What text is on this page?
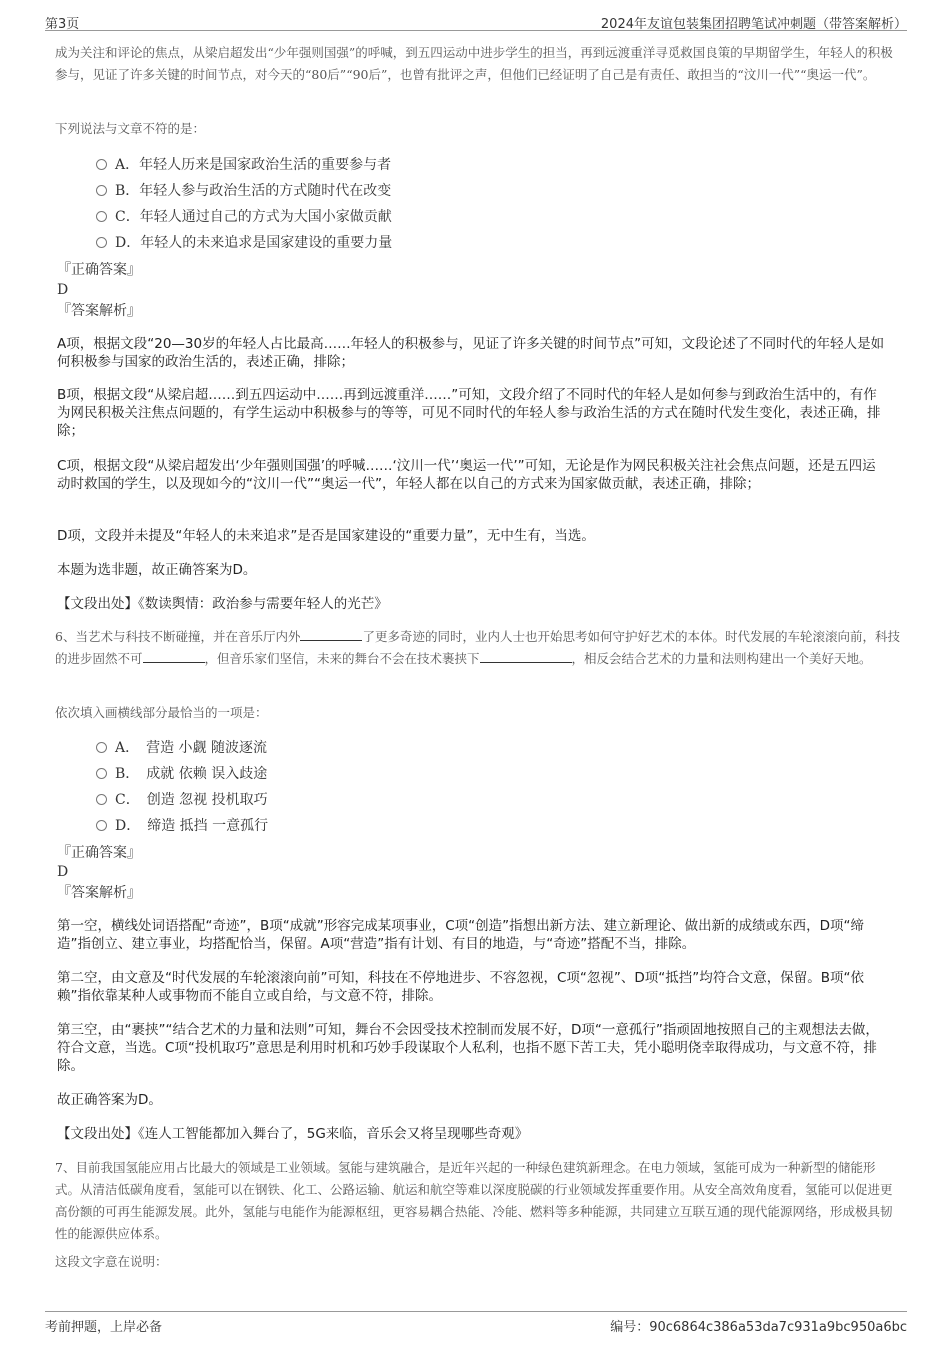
第3页	2024年友谊包装集团招聘笔试冲刺题（带答案解析）
成为关注和评论的焦点，从梁启超发出“少年强则国强”的呼喊，到五四运动中进步学生的担当，再到远渡重洋寻觅救国良策的早期留学生，年轻人的积极参与，见证了许多关键的时间节点，对今天的“80后”“90后”，也曾有批评之声，但他们已经证明了自己是有责任、敢担当的“汶川一代”“奥运一代”。
下列说法与文章不符的是：
A．年轻人历来是国家政治生活的重要参与者
B．年轻人参与政治生活的方式随时代在改变
C．年轻人通过自己的方式为大国小家做贡献
D．年轻人的未来追求是国家建设的重要力量
『正确答案』
D
『答案解析』
A项，根据文段“20—30岁的年轻人占比最高……年轻人的积极参与，见证了许多关键的时间节点”可知，文段论述了不同时代的年轻人是如何积极参与国家的政治生活的，表述正确，排除；
B项，根据文段“从梁启超……到五四运动中……再到远渡重洋……”可知，文段介绍了不同时代的年轻人是如何参与到政治生活中的，有作为网民积极关注焦点问题的，有学生运动中积极参与的等等，可见不同时代的年轻人参与政治生活的方式在随时代发生变化，表述正确，排除；
C项，根据文段“从梁启超发出‘少年强则国强’的呼喊……‘汶川一代’‘奥运一代’”可知，无论是作为网民积极关注社会焦点问题，还是五四运动时救国的学生，以及现如今的“汶川一代”“奥运一代”，年轻人都在以自己的方式来为国家做贡献，表述正确，排除；
D项，文段并未提及“年轻人的未来追求”是否是国家建设的“重要力量”，无中生有，当选。
本题为选非题，故正确答案为D。
【文段出处】《数读舆情：政治参与需要年轻人的光芒》
6、当艺术与科技不断碰撞，并在音乐厅内外	了更多奇迹的同时，业内人士也开始思考如何守护好艺术的本体。时代发展的车轮滚滚向前，科技的进步固然不可	，但音乐家们坚信，未来的舞台不会在技术裹挟下	，相反会结合艺术的力量和法则构建出一个美好天地。
依次填入画横线部分最恰当的一项是：
A．　营造 小觑 随波逐流
B．　成就 依赖 误入歧途
C．　创造 忽视 投机取巧
D．　缔造 抵挡 一意孤行
『正确答案』
D
『答案解析』
第一空，横线处词语搭配“奇迹”，B项“成就”形容完成某项事业，C项“创造”指想出新方法、建立新理论、做出新的成绩或东西，D项“缔造”指创立、建立事业，均搭配恰当，保留。A项“营造”指有计划、有目的地造，与“奇迹”搭配不当，排除。
第二空，由文意及“时代发展的车轮滚滚向前”可知，科技在不停地进步、不容忽视，C项“忽视”、D项“抵挡”均符合文意，保留。B项“依赖”指依靠某种人或事物而不能自立或自给，与文意不符，排除。
第三空，由“裹挟”“结合艺术的力量和法则”可知，舞台不会因受技术控制而发展不好，D项“一意孤行”指顽固地按照自己的主观想法去做，符合文意，当选。C项“投机取巧”意思是利用时机和巧妙手段谋取个人私利，也指不愿下苦工夫，凭小聪明侥幸取得成功，与文意不符，排除。
故正确答案为D。
【文段出处】《连人工智能都加入舞台了，5G来临，音乐会又将呈现哪些奇观》
7、目前我国氢能应用占比最大的领域是工业领域。氢能与建筑融合，是近年兴起的一种绿色建筑新理念。在电力领域，氢能可成为一种新型的储能形式。从清洁低碳角度看，氢能可以在钢铁、化工、公路运输、航运和航空等难以深度脱碳的行业领域发挥重要作用。从安全高效角度看，氢能可以促进更高份额的可再生能源发展。此外，氢能与电能作为能源枢纽，更容易耦合热能、冷能、燃料等多种能源，共同建立互联互通的现代能源网络，形成极具韧性的能源供应体系。
这段文字意在说明：
考前押题，上岸必备	编号：90c6864c386a53da7c931a9bc950a6bc
